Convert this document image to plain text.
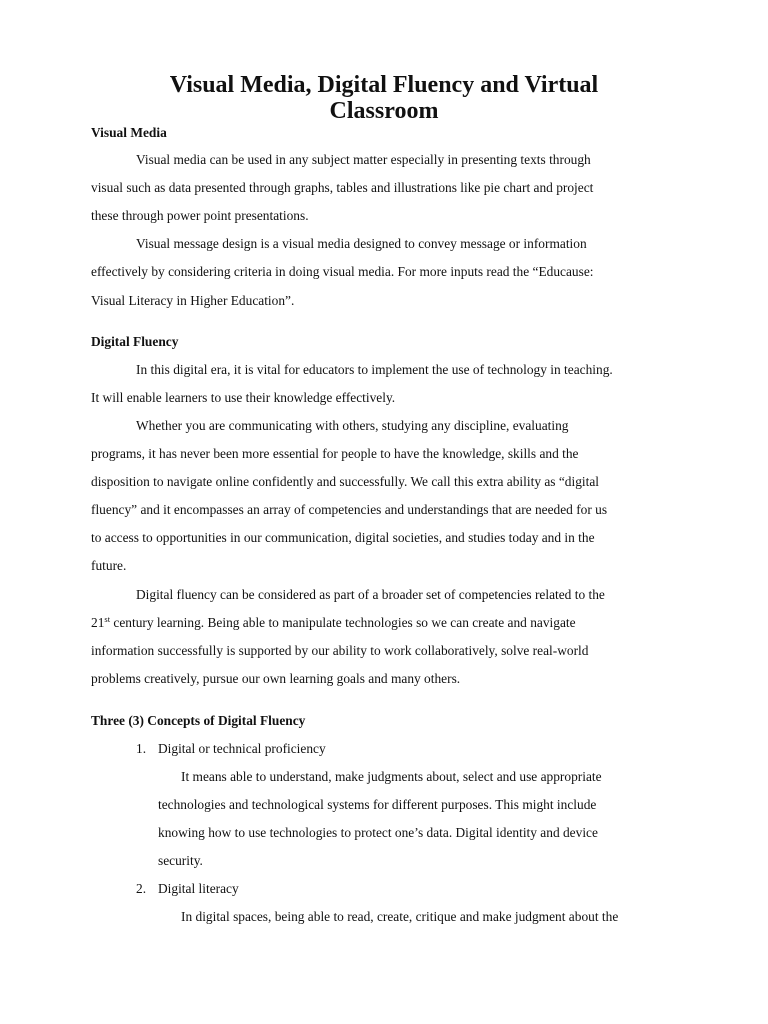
Visual Media, Digital Fluency and Virtual
Classroom
Visual Media
Visual media can be used in any subject matter especially in presenting texts through
visual such as data presented through graphs, tables and illustrations like pie chart and project
these through power point presentations.
Visual message design is a visual media designed to convey message or information
effectively by considering criteria in doing visual media. For more inputs read the “Educause:
Visual Literacy in Higher Education”.
Digital Fluency
In this digital era, it is vital for educators to implement the use of technology in teaching.
It will enable learners to use their knowledge effectively.
Whether you are communicating with others, studying any discipline, evaluating
programs, it has never been more essential for people to have the knowledge, skills and the
disposition to navigate online confidently and successfully. We call this extra ability as “digital
fluency” and it encompasses an array of competencies and understandings that are needed for us
to access to opportunities in our communication, digital societies, and studies today and in the
future.
Digital fluency can be considered as part of a broader set of competencies related to the
21st century learning. Being able to manipulate technologies so we can create and navigate
information successfully is supported by our ability to work collaboratively, solve real-world
problems creatively, pursue our own learning goals and many others.
Three (3) Concepts of Digital Fluency
1. Digital or technical proficiency
It means able to understand, make judgments about, select and use appropriate
technologies and technological systems for different purposes. This might include
knowing how to use technologies to protect one’s data. Digital identity and device
security.
2. Digital literacy
In digital spaces, being able to read, create, critique and make judgment about the
